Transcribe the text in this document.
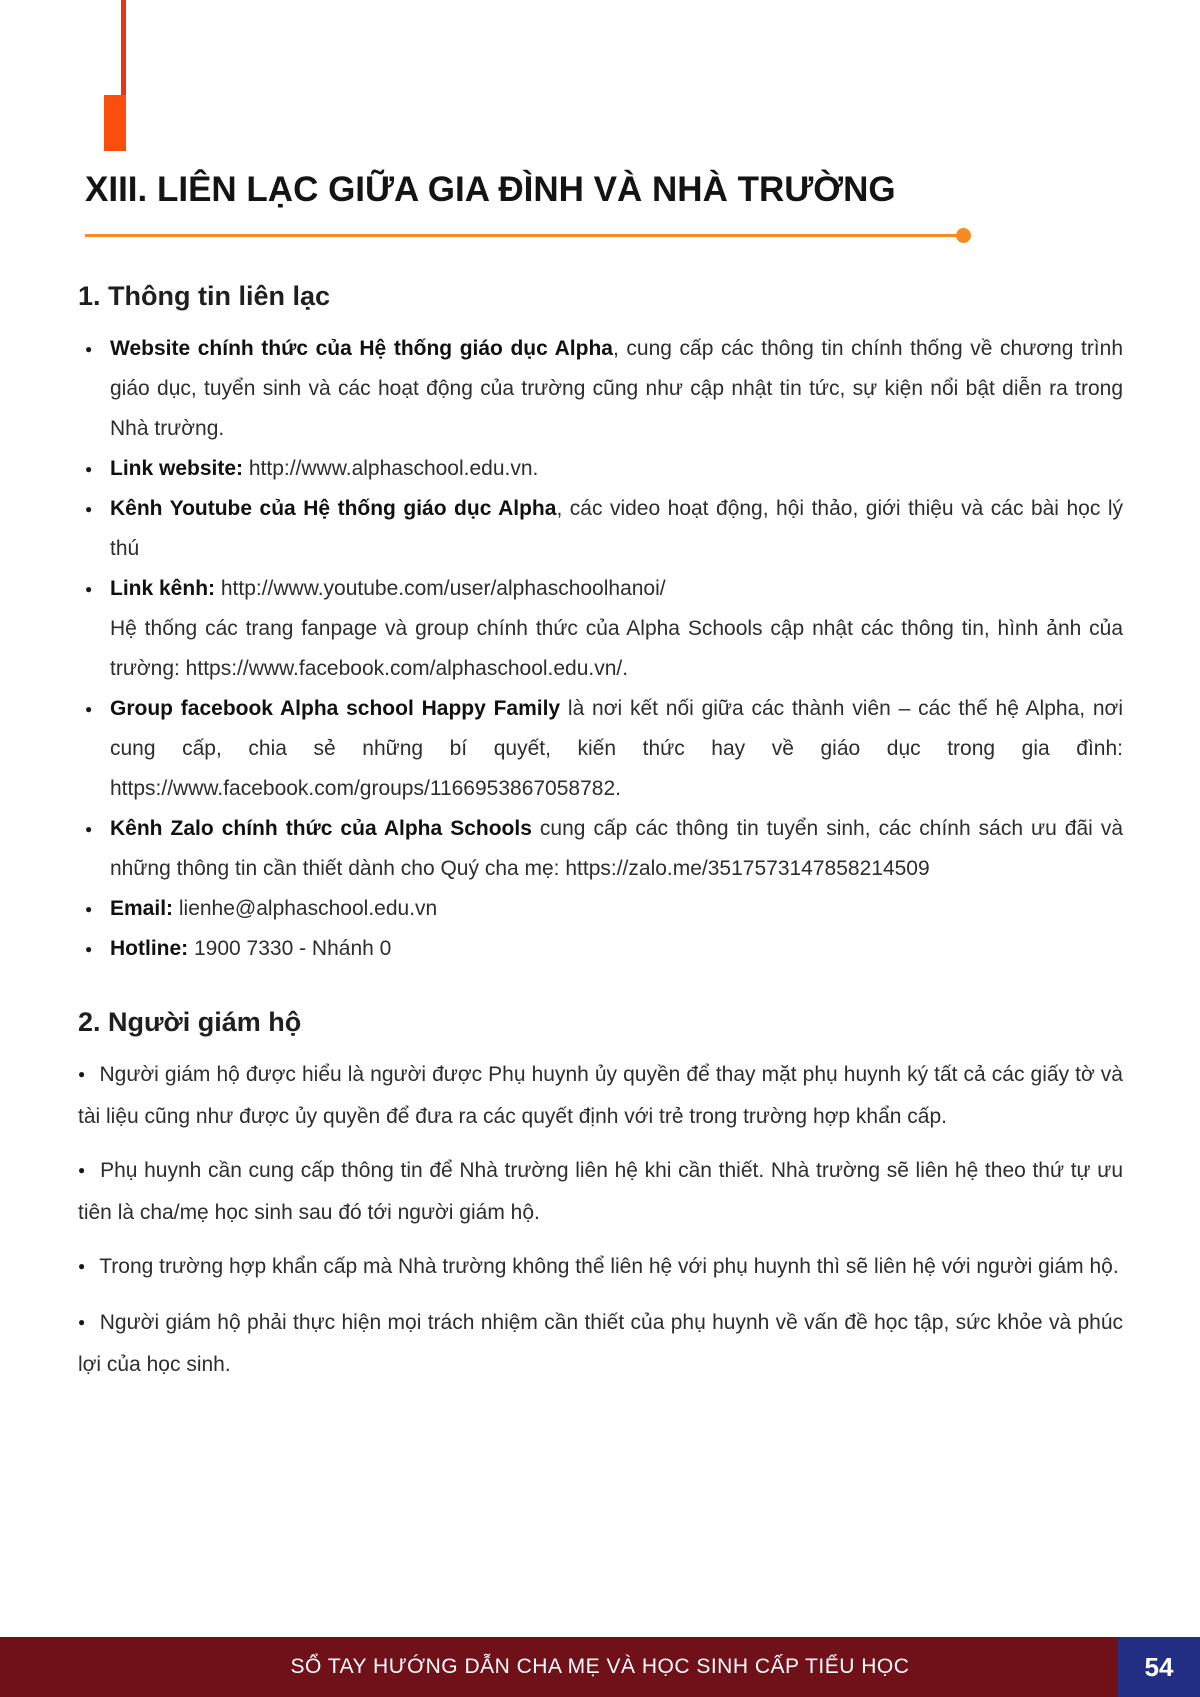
XIII. LIÊN LẠC GIỮA GIA ĐÌNH VÀ NHÀ TRƯỜNG
1. Thông tin liên lạc
● Website chính thức của Hệ thống giáo dục Alpha, cung cấp các thông tin chính thống về chương trình giáo dục, tuyển sinh và các hoạt động của trường cũng như cập nhật tin tức, sự kiện nổi bật diễn ra trong Nhà trường.
● Link website: http://www.alphaschool.edu.vn.
● Kênh Youtube của Hệ thống giáo dục Alpha, các video hoạt động, hội thảo, giới thiệu và các bài học lý thú
● Link kênh: http://www.youtube.com/user/alphaschoolhanoi/
Hệ thống các trang fanpage và group chính thức của Alpha Schools cập nhật các thông tin, hình ảnh của trường: https://www.facebook.com/alphaschool.edu.vn/.
● Group facebook Alpha school Happy Family là nơi kết nối giữa các thành viên – các thế hệ Alpha, nơi cung cấp, chia sẻ những bí quyết, kiến thức hay về giáo dục trong gia đình: https://www.facebook.com/groups/1166953867058782.
● Kênh Zalo chính thức của Alpha Schools cung cấp các thông tin tuyển sinh, các chính sách ưu đãi và những thông tin cần thiết dành cho Quý cha mẹ: https://zalo.me/3517573147858214509
● Email: lienhe@alphaschool.edu.vn
● Hotline: 1900 7330 - Nhánh 0
2. Người giám hộ

● Người giám hộ được hiểu là người được Phụ huynh ủy quyền để thay mặt phụ huynh ký tất cả các giấy tờ và tài liệu cũng như được ủy quyền để đưa ra các quyết định với trẻ trong trường hợp khẩn cấp.

● Phụ huynh cần cung cấp thông tin để Nhà trường liên hệ khi cần thiết. Nhà trường sẽ liên hệ theo thứ tự ưu tiên là cha/mẹ học sinh sau đó tới người giám hộ.

● Trong trường hợp khẩn cấp mà Nhà trường không thể liên hệ với phụ huynh thì sẽ liên hệ với người giám hộ.

● Người giám hộ phải thực hiện mọi trách nhiệm cần thiết của phụ huynh về vấn đề học tập, sức khỏe và phúc lợi của học sinh.

SỔ TAY HƯỚNG DẪN CHA MẸ VÀ HỌC SINH CẤP TIỂU HỌC	54
